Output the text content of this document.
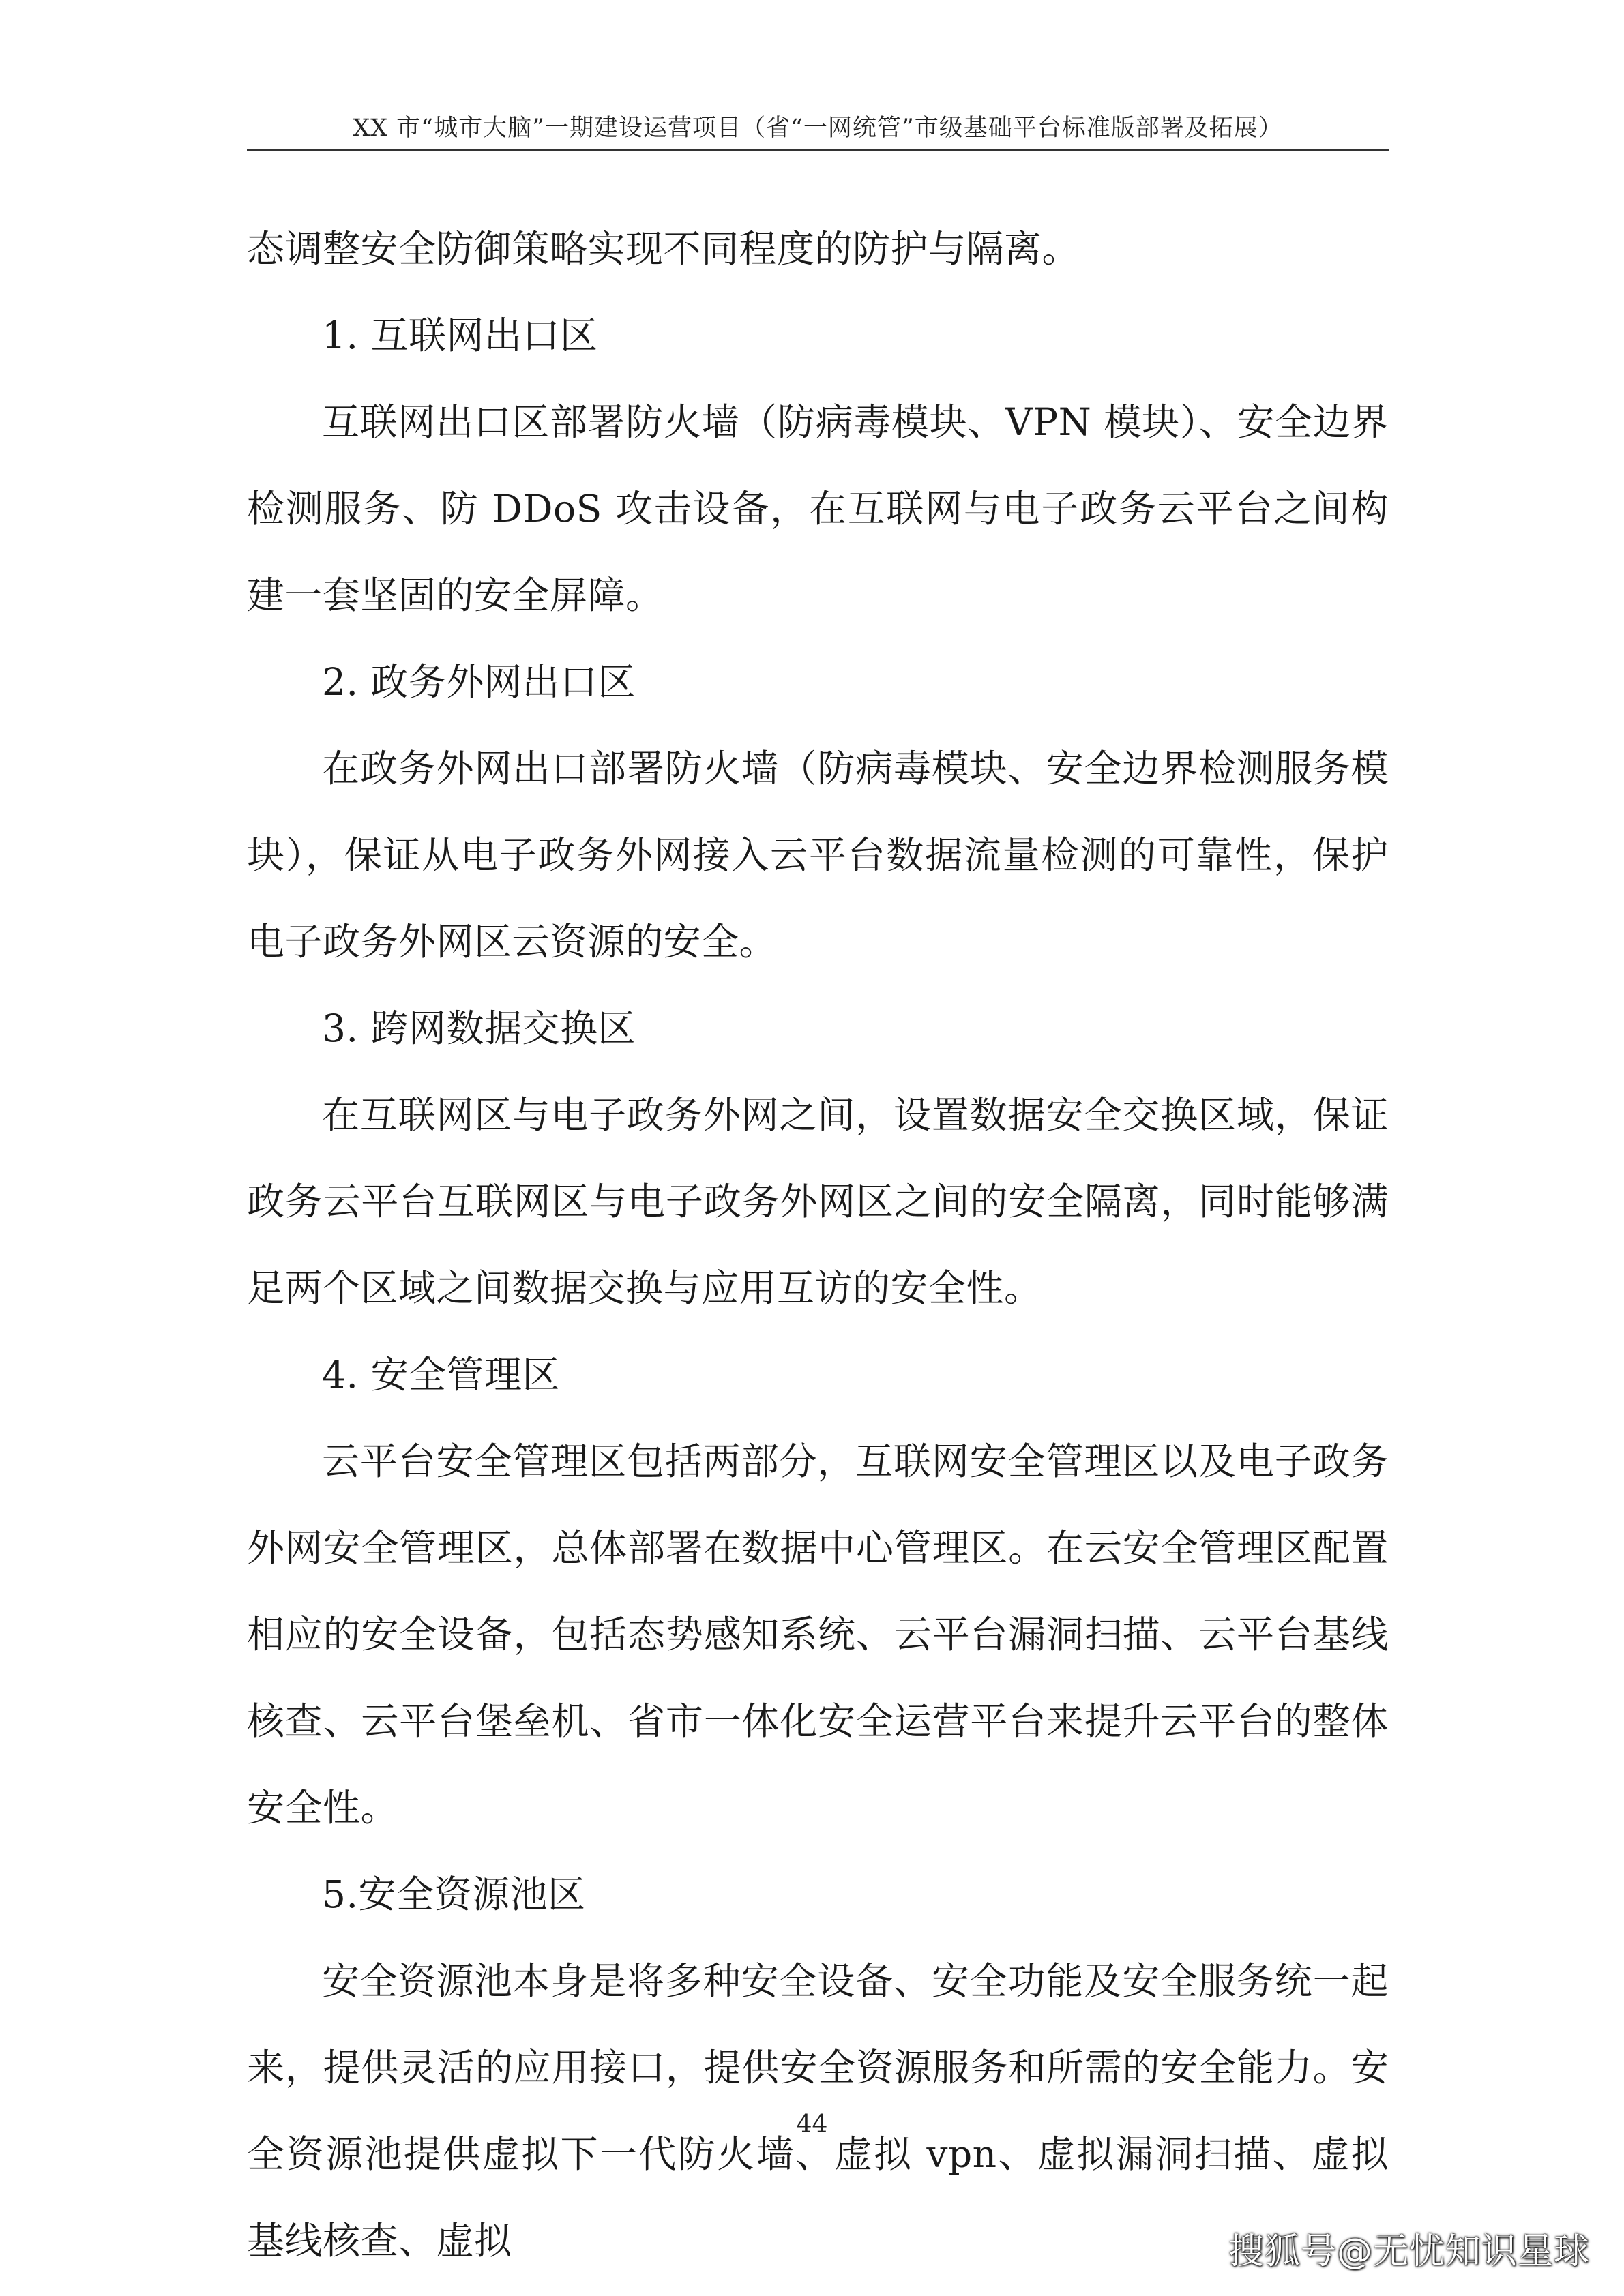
XX 市“城市大脑”一期建设运营项目（省“一网统管”市级基础平台标准版部署及拓展）

态调整安全防御策略实现不同程度的防护与隔离。

1. 互联网出口区

互联网出口区部署防火墙（防病毒模块、VPN 模块）、安全边界检测服务、防 DDoS 攻击设备，在互联网与电子政务云平台之间构建一套坚固的安全屏障。

2. 政务外网出口区

在政务外网出口部署防火墙（防病毒模块、安全边界检测服务模块），保证从电子政务外网接入云平台数据流量检测的可靠性，保护电子政务外网区云资源的安全。

3. 跨网数据交换区

在互联网区与电子政务外网之间，设置数据安全交换区域，保证政务云平台互联网区与电子政务外网区之间的安全隔离，同时能够满足两个区域之间数据交换与应用互访的安全性。

4. 安全管理区

云平台安全管理区包括两部分，互联网安全管理区以及电子政务外网安全管理区，总体部署在数据中心管理区。在云安全管理区配置相应的安全设备，包括态势感知系统、云平台漏洞扫描、云平台基线核查、云平台堡垒机、省市一体化安全运营平台来提升云平台的整体安全性。

5.安全资源池区

安全资源池本身是将多种安全设备、安全功能及安全服务统一起来，提供灵活的应用接口，提供安全资源服务和所需的安全能力。安全资源池提供虚拟下一代防火墙、虚拟 vpn、虚拟漏洞扫描、虚拟基线核查、虚拟

44
搜狐号@无忧知识星球
